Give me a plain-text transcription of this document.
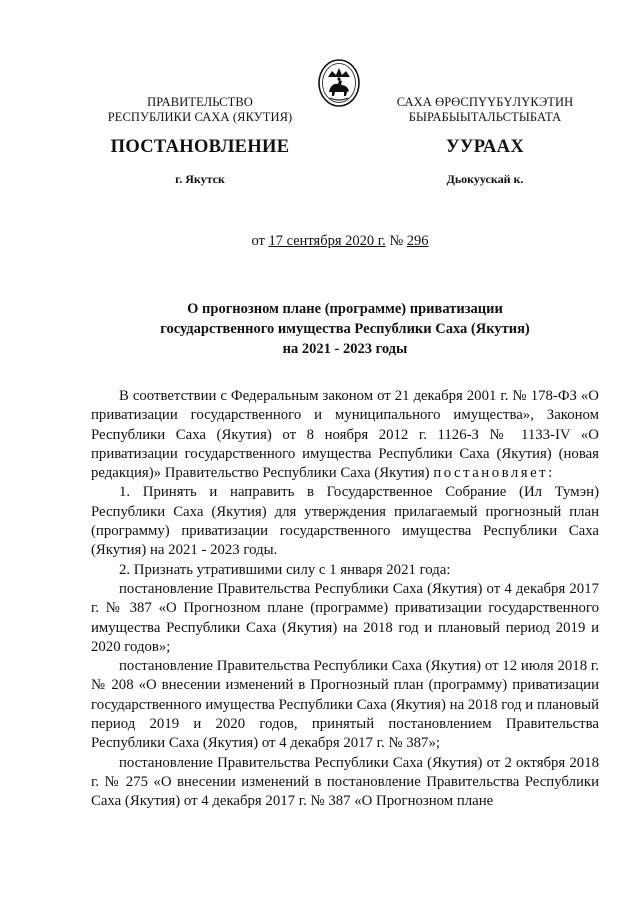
ПРАВИТЕЛЬСТВО
РЕСПУБЛИКИ САХА (ЯКУТИЯ)
САХА ӨРӨСПҮҮБҮЛҮКЭТИН
БЫРАБЫЫТАЛЬСТЫБАТА
ПОСТАНОВЛЕНИЕ	УУРААХ
г. Якутск	Дьокуускай к.
от 17 сентября 2020 г. № 296
О прогнозном плане (программе) приватизации
государственного имущества Республики Саха (Якутия)
на 2021 - 2023 годы

В соответствии с Федеральным законом от 21 декабря 2001 г. № 178-ФЗ «О приватизации государственного и муниципального имущества», Законом Республики Саха (Якутия) от 8 ноября 2012 г. 1126-З № 1133-IV «О приватизации государственного имущества Республики Саха (Якутия) (новая редакция)» Правительство Республики Саха (Якутия) постановляет:

1. Принять и направить в Государственное Собрание (Ил Тумэн) Республики Саха (Якутия) для утверждения прилагаемый прогнозный план (программу) приватизации государственного имущества Республики Саха (Якутия) на 2021 - 2023 годы.

2. Признать утратившими силу с 1 января 2021 года:

постановление Правительства Республики Саха (Якутия) от 4 декабря 2017 г. № 387 «О Прогнозном плане (программе) приватизации государственного имущества Республики Саха (Якутия) на 2018 год и плановый период 2019 и 2020 годов»;

постановление Правительства Республики Саха (Якутия) от 12 июля 2018 г. № 208 «О внесении изменений в Прогнозный план (программу) приватизации государственного имущества Республики Саха (Якутия) на 2018 год и плановый период 2019 и 2020 годов, принятый постановлением Правительства Республики Саха (Якутия) от 4 декабря 2017 г. № 387»;

постановление Правительства Республики Саха (Якутия) от 2 октября 2018 г. № 275 «О внесении изменений в постановление Правительства Республики Саха (Якутия) от 4 декабря 2017 г. № 387 «О Прогнозном плане
